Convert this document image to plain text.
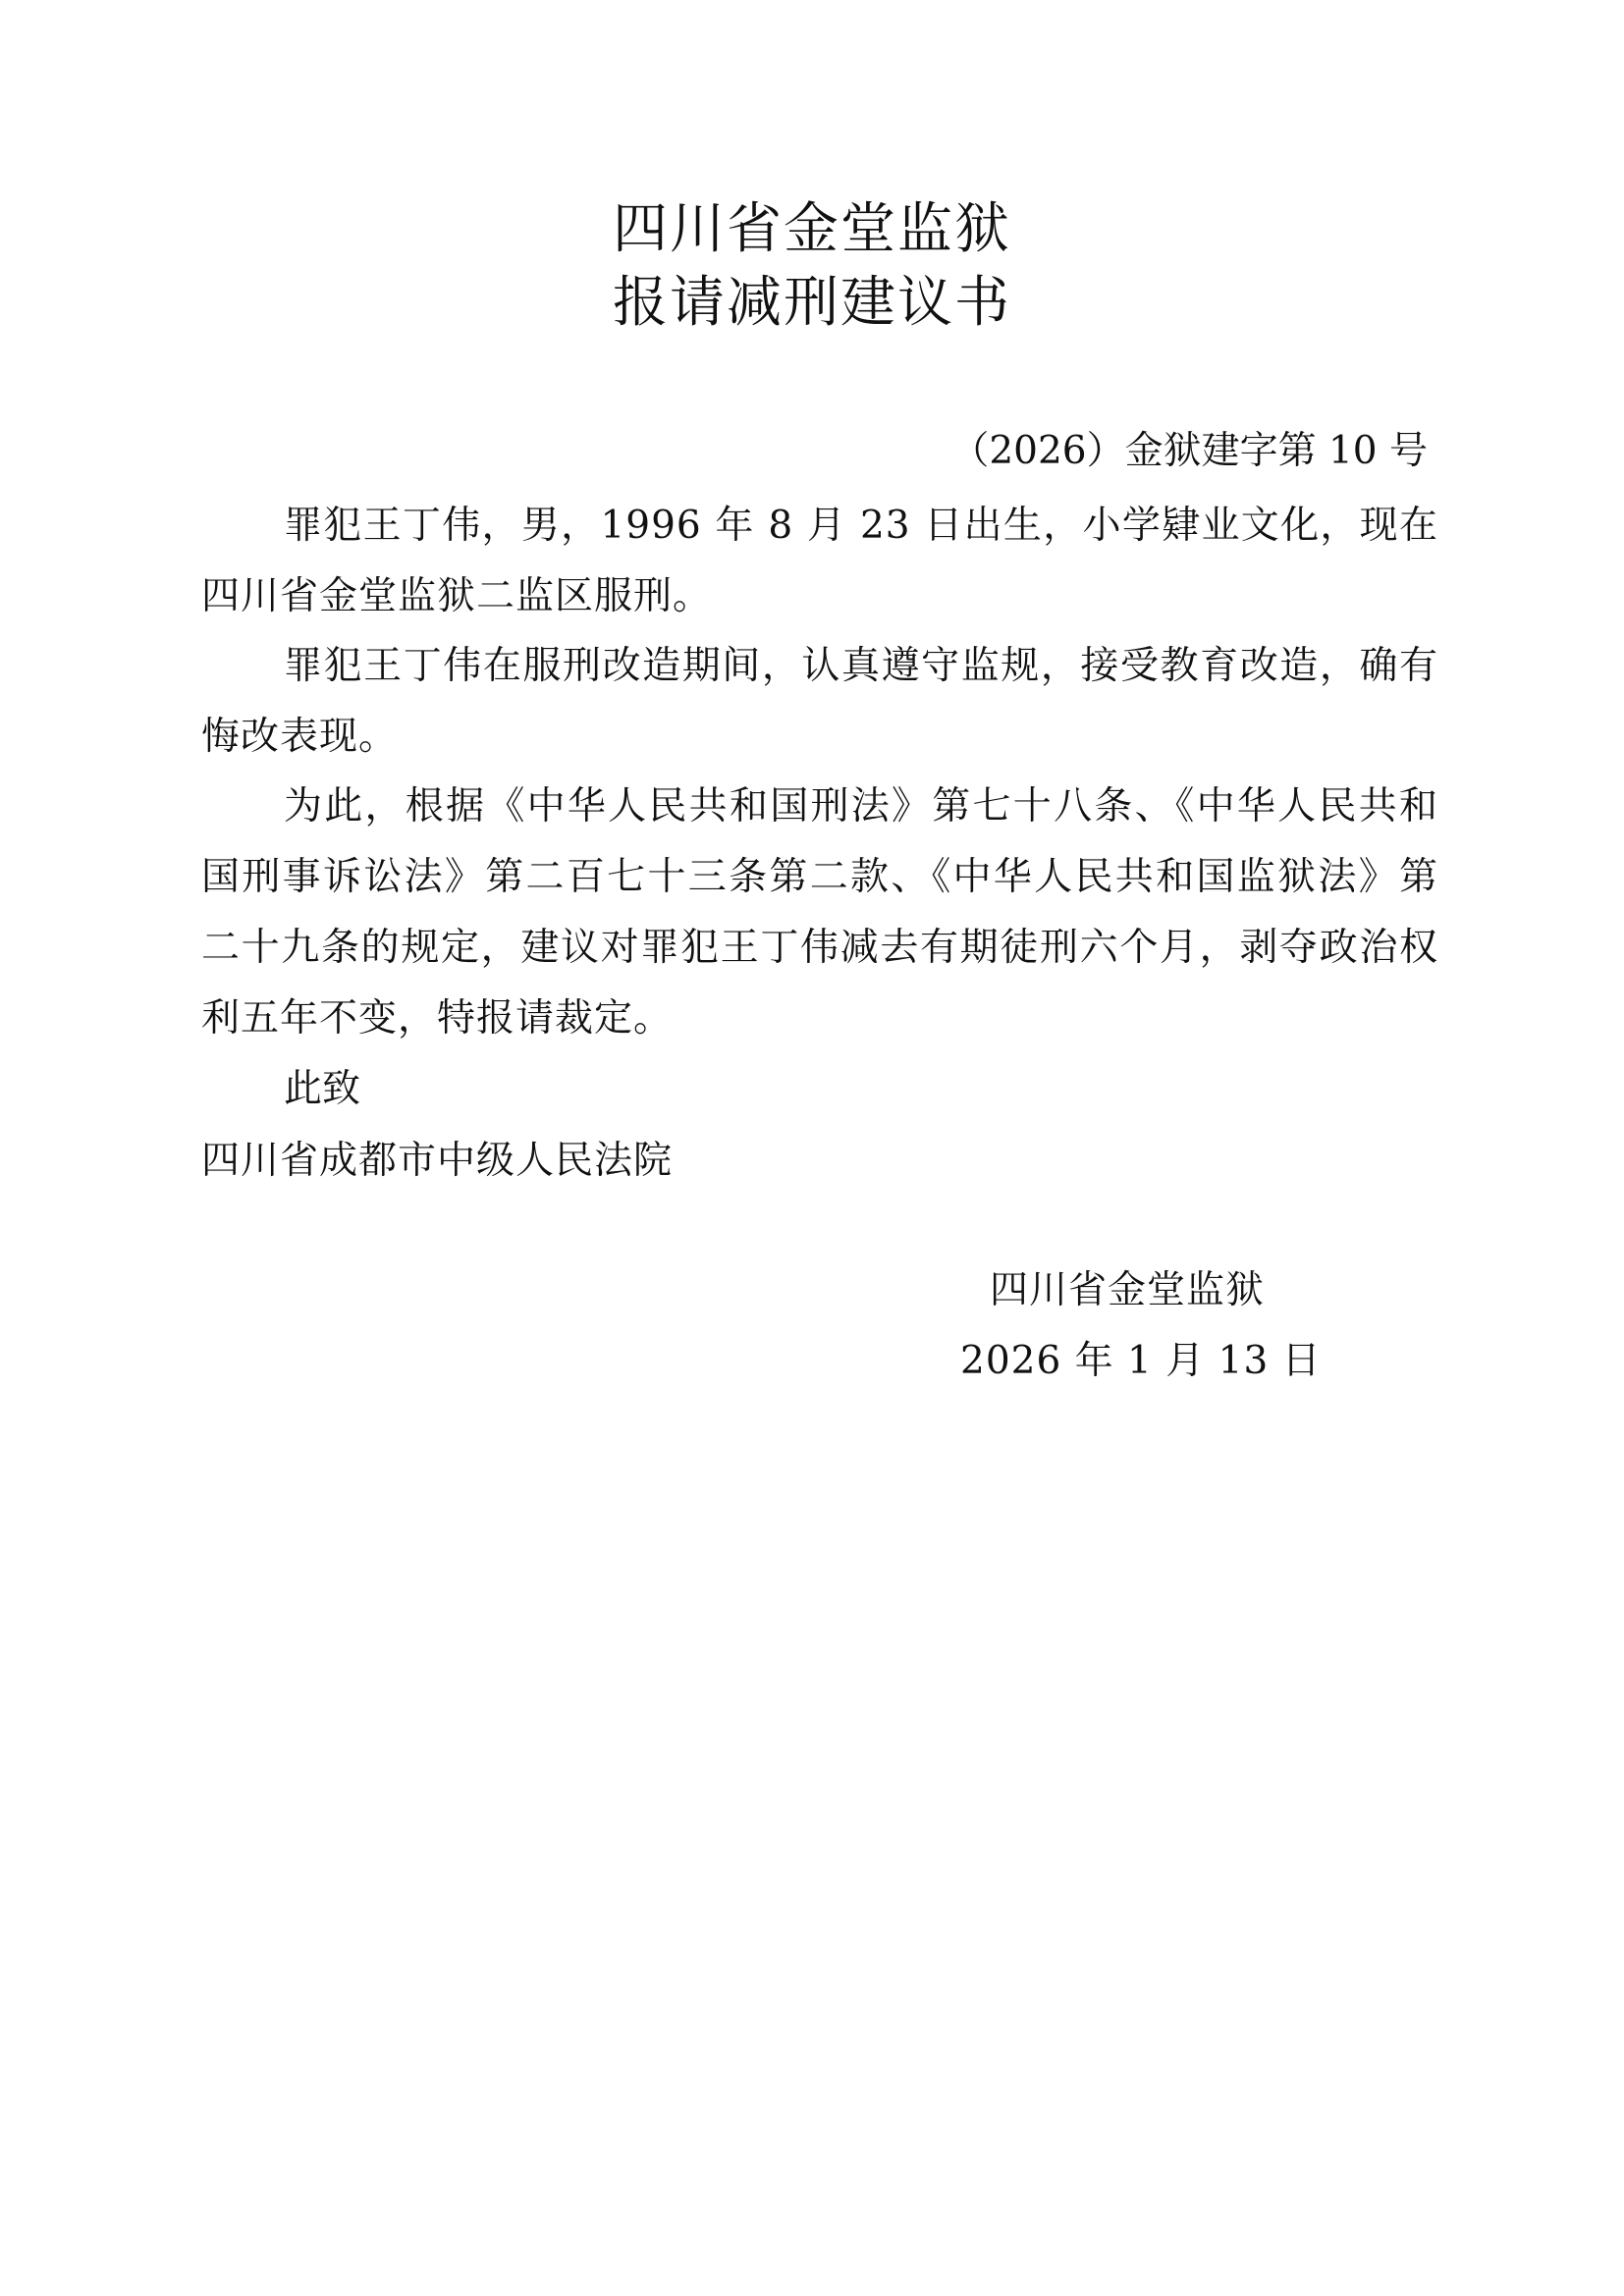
四川省金堂监狱
报请减刑建议书
（2026）金狱建字第 10 号

罪犯王丁伟，男，1996 年 8 月 23 日出生，小学肄业文化，现在四川省金堂监狱二监区服刑。

罪犯王丁伟在服刑改造期间，认真遵守监规，接受教育改造，确有悔改表现。

为此，根据《中华人民共和国刑法》第七十八条、《中华人民共和国刑事诉讼法》第二百七十三条第二款、《中华人民共和国监狱法》第二十九条的规定，建议对罪犯王丁伟减去有期徒刑六个月，剥夺政治权利五年不变，特报请裁定。

此致
四川省成都市中级人民法院
四川省金堂监狱
2026 年 1 月 13 日
